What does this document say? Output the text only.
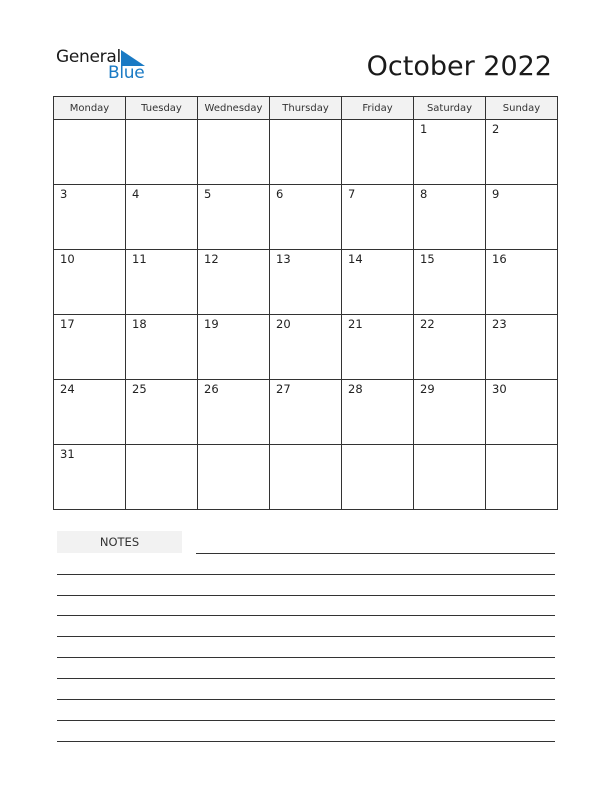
General
Blue	October 2022
Monday	Tuesday	Wednesday	Thursday	Friday	Saturday	Sunday

					1	2

3	4	5	6	7	8	9

10	11	12	13	14	15	16

17	18	19	20	21	22	23

24	25	26	27	28	29	30

31						

NOTES
